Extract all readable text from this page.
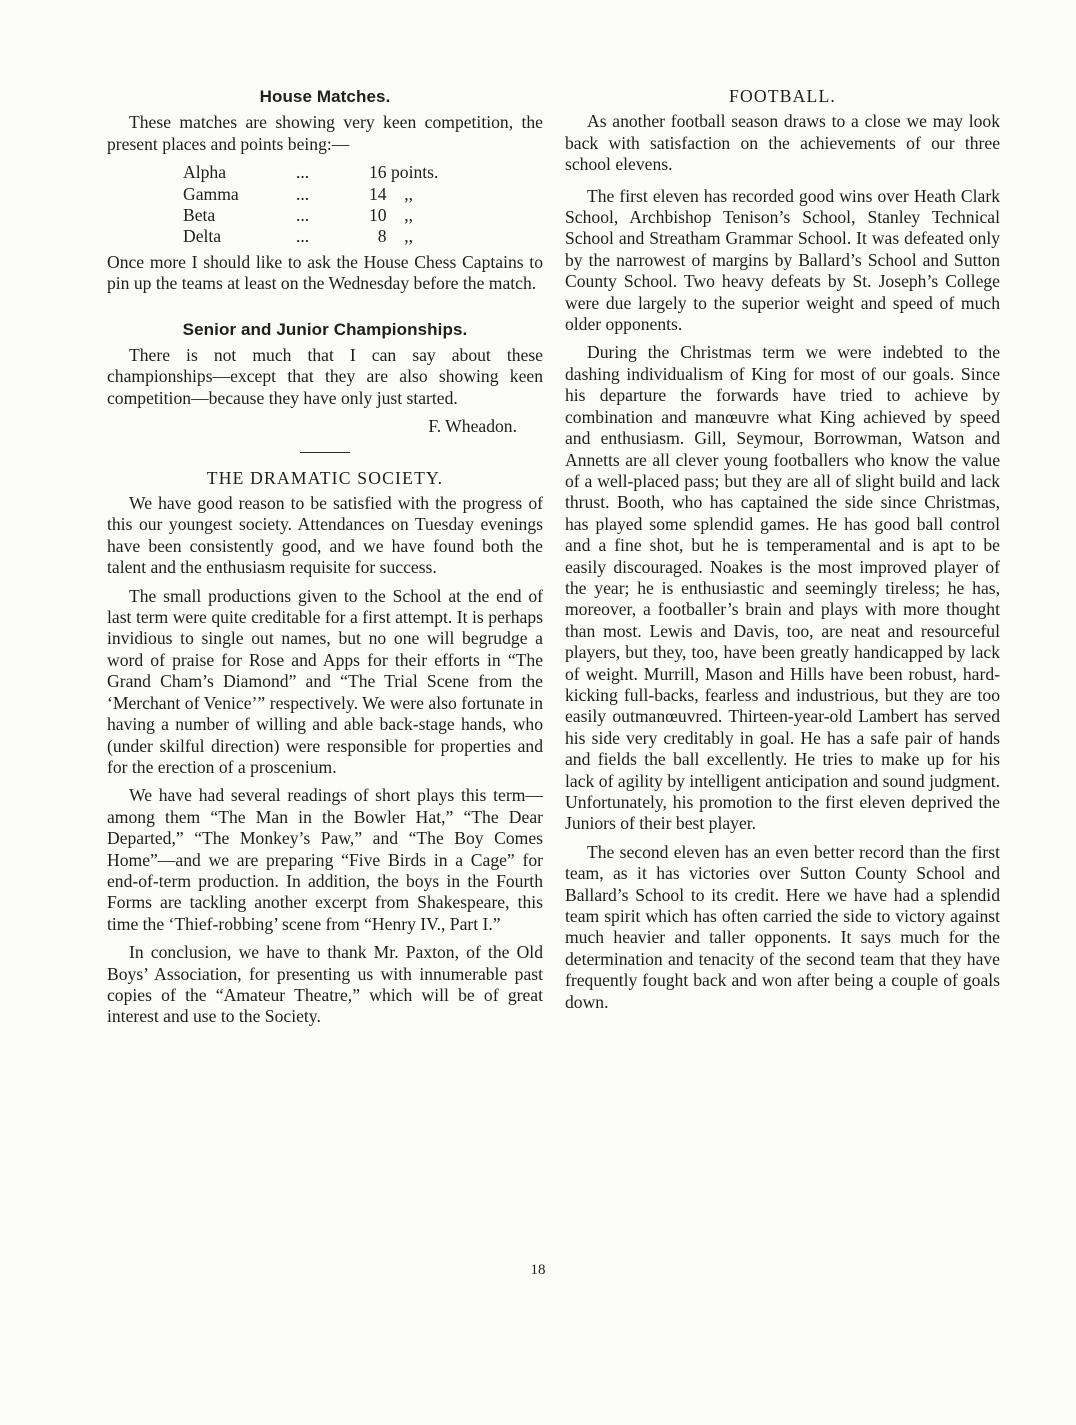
House Matches.

These matches are showing very keen competition, the present places and points being:—

Alpha	...	16 points.
Gamma	...	14 ,,
Beta	...	10 ,,
Delta	...	8 ,,

Once more I should like to ask the House Chess Captains to pin up the teams at least on the Wednesday before the match.

Senior and Junior Championships.

There is not much that I can say about these championships—except that they are also showing keen competition—because they have only just started.

F. Wheadon.
THE DRAMATIC SOCIETY.

We have good reason to be satisfied with the progress of this our youngest society. Attendances on Tuesday evenings have been consistently good, and we have found both the talent and the enthusiasm requisite for success.

The small productions given to the School at the end of last term were quite creditable for a first attempt. It is perhaps invidious to single out names, but no one will begrudge a word of praise for Rose and Apps for their efforts in “The Grand Cham’s Diamond” and “The Trial Scene from the ‘Merchant of Venice’” respectively. We were also fortunate in having a number of willing and able back-stage hands, who (under skilful direction) were responsible for properties and for the erection of a proscenium.

We have had several readings of short plays this term—among them “The Man in the Bowler Hat,” “The Dear Departed,” “The Monkey’s Paw,” and “The Boy Comes Home”—and we are preparing “Five Birds in a Cage” for end-of-term production. In addition, the boys in the Fourth Forms are tackling another excerpt from Shakespeare, this time the ‘Thief-robbing’ scene from “Henry IV., Part I.”

In conclusion, we have to thank Mr. Paxton, of the Old Boys’ Association, for presenting us with innumerable past copies of the “Amateur Theatre,” which will be of great interest and use to the Society.

FOOTBALL.

As another football season draws to a close we may look back with satisfaction on the achievements of our three school elevens.

The first eleven has recorded good wins over Heath Clark School, Archbishop Tenison’s School, Stanley Technical School and Streatham Grammar School. It was defeated only by the narrowest of margins by Ballard’s School and Sutton County School. Two heavy defeats by St. Joseph’s College were due largely to the superior weight and speed of much older opponents.

During the Christmas term we were indebted to the dashing individualism of King for most of our goals. Since his departure the forwards have tried to achieve by combination and manœuvre what King achieved by speed and enthusiasm. Gill, Seymour, Borrowman, Watson and Annetts are all clever young footballers who know the value of a well-placed pass; but they are all of slight build and lack thrust. Booth, who has captained the side since Christmas, has played some splendid games. He has good ball control and a fine shot, but he is temperamental and is apt to be easily discouraged. Noakes is the most improved player of the year; he is enthusiastic and seemingly tireless; he has, moreover, a footballer’s brain and plays with more thought than most. Lewis and Davis, too, are neat and resourceful players, but they, too, have been greatly handicapped by lack of weight. Murrill, Mason and Hills have been robust, hard-kicking full-backs, fearless and industrious, but they are too easily outmanœuvred. Thirteen-year-old Lambert has served his side very creditably in goal. He has a safe pair of hands and fields the ball excellently. He tries to make up for his lack of agility by intelligent anticipation and sound judgment. Unfortunately, his promotion to the first eleven deprived the Juniors of their best player.

The second eleven has an even better record than the first team, as it has victories over Sutton County School and Ballard’s School to its credit. Here we have had a splendid team spirit which has often carried the side to victory against much heavier and taller opponents. It says much for the determination and tenacity of the second team that they have frequently fought back and won after being a couple of goals down.

18
